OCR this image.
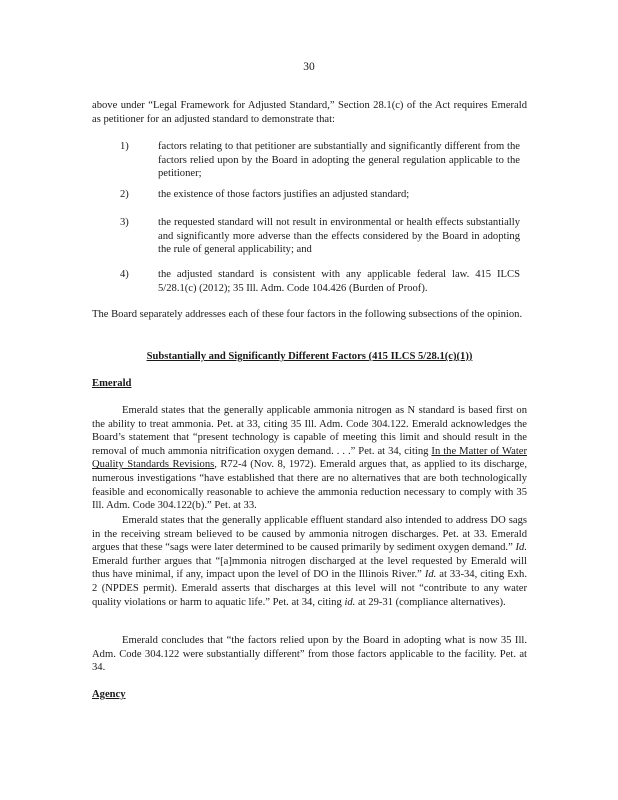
30

above under “Legal Framework for Adjusted Standard,” Section 28.1(c) of the Act requires Emerald as petitioner for an adjusted standard to demonstrate that:

1)	factors relating to that petitioner are substantially and significantly different from the factors relied upon by the Board in adopting the general regulation applicable to the petitioner;
2)	the existence of those factors justifies an adjusted standard;
3)	the requested standard will not result in environmental or health effects substantially and significantly more adverse than the effects considered by the Board in adopting the rule of general applicability; and
4)	the adjusted standard is consistent with any applicable federal law. 415 ILCS 5/28.1(c) (2012); 35 Ill. Adm. Code 104.426 (Burden of Proof).

The Board separately addresses each of these four factors in the following subsections of the opinion.

Substantially and Significantly Different Factors (415 ILCS 5/28.1(c)(1))
Emerald

Emerald states that the generally applicable ammonia nitrogen as N standard is based first on the ability to treat ammonia. Pet. at 33, citing 35 Ill. Adm. Code 304.122. Emerald acknowledges the Board’s statement that “present technology is capable of meeting this limit and should result in the removal of much ammonia nitrification oxygen demand. . . .” Pet. at 34, citing In the Matter of Water Quality Standards Revisions, R72-4 (Nov. 8, 1972). Emerald argues that, as applied to its discharge, numerous investigations “have established that there are no alternatives that are both technologically feasible and economically reasonable to achieve the ammonia reduction necessary to comply with 35 Ill. Adm. Code 304.122(b).” Pet. at 33.

Emerald states that the generally applicable effluent standard also intended to address DO sags in the receiving stream believed to be caused by ammonia nitrogen discharges. Pet. at 33. Emerald argues that these “sags were later determined to be caused primarily by sediment oxygen demand.” Id. Emerald further argues that “[a]mmonia nitrogen discharged at the level requested by Emerald will thus have minimal, if any, impact upon the level of DO in the Illinois River.” Id. at 33-34, citing Exh. 2 (NPDES permit). Emerald asserts that discharges at this level will not “contribute to any water quality violations or harm to aquatic life.” Pet. at 34, citing id. at 29-31 (compliance alternatives).

Emerald concludes that “the factors relied upon by the Board in adopting what is now 35 Ill. Adm. Code 304.122 were substantially different” from those factors applicable to the facility. Pet. at 34.

Agency
